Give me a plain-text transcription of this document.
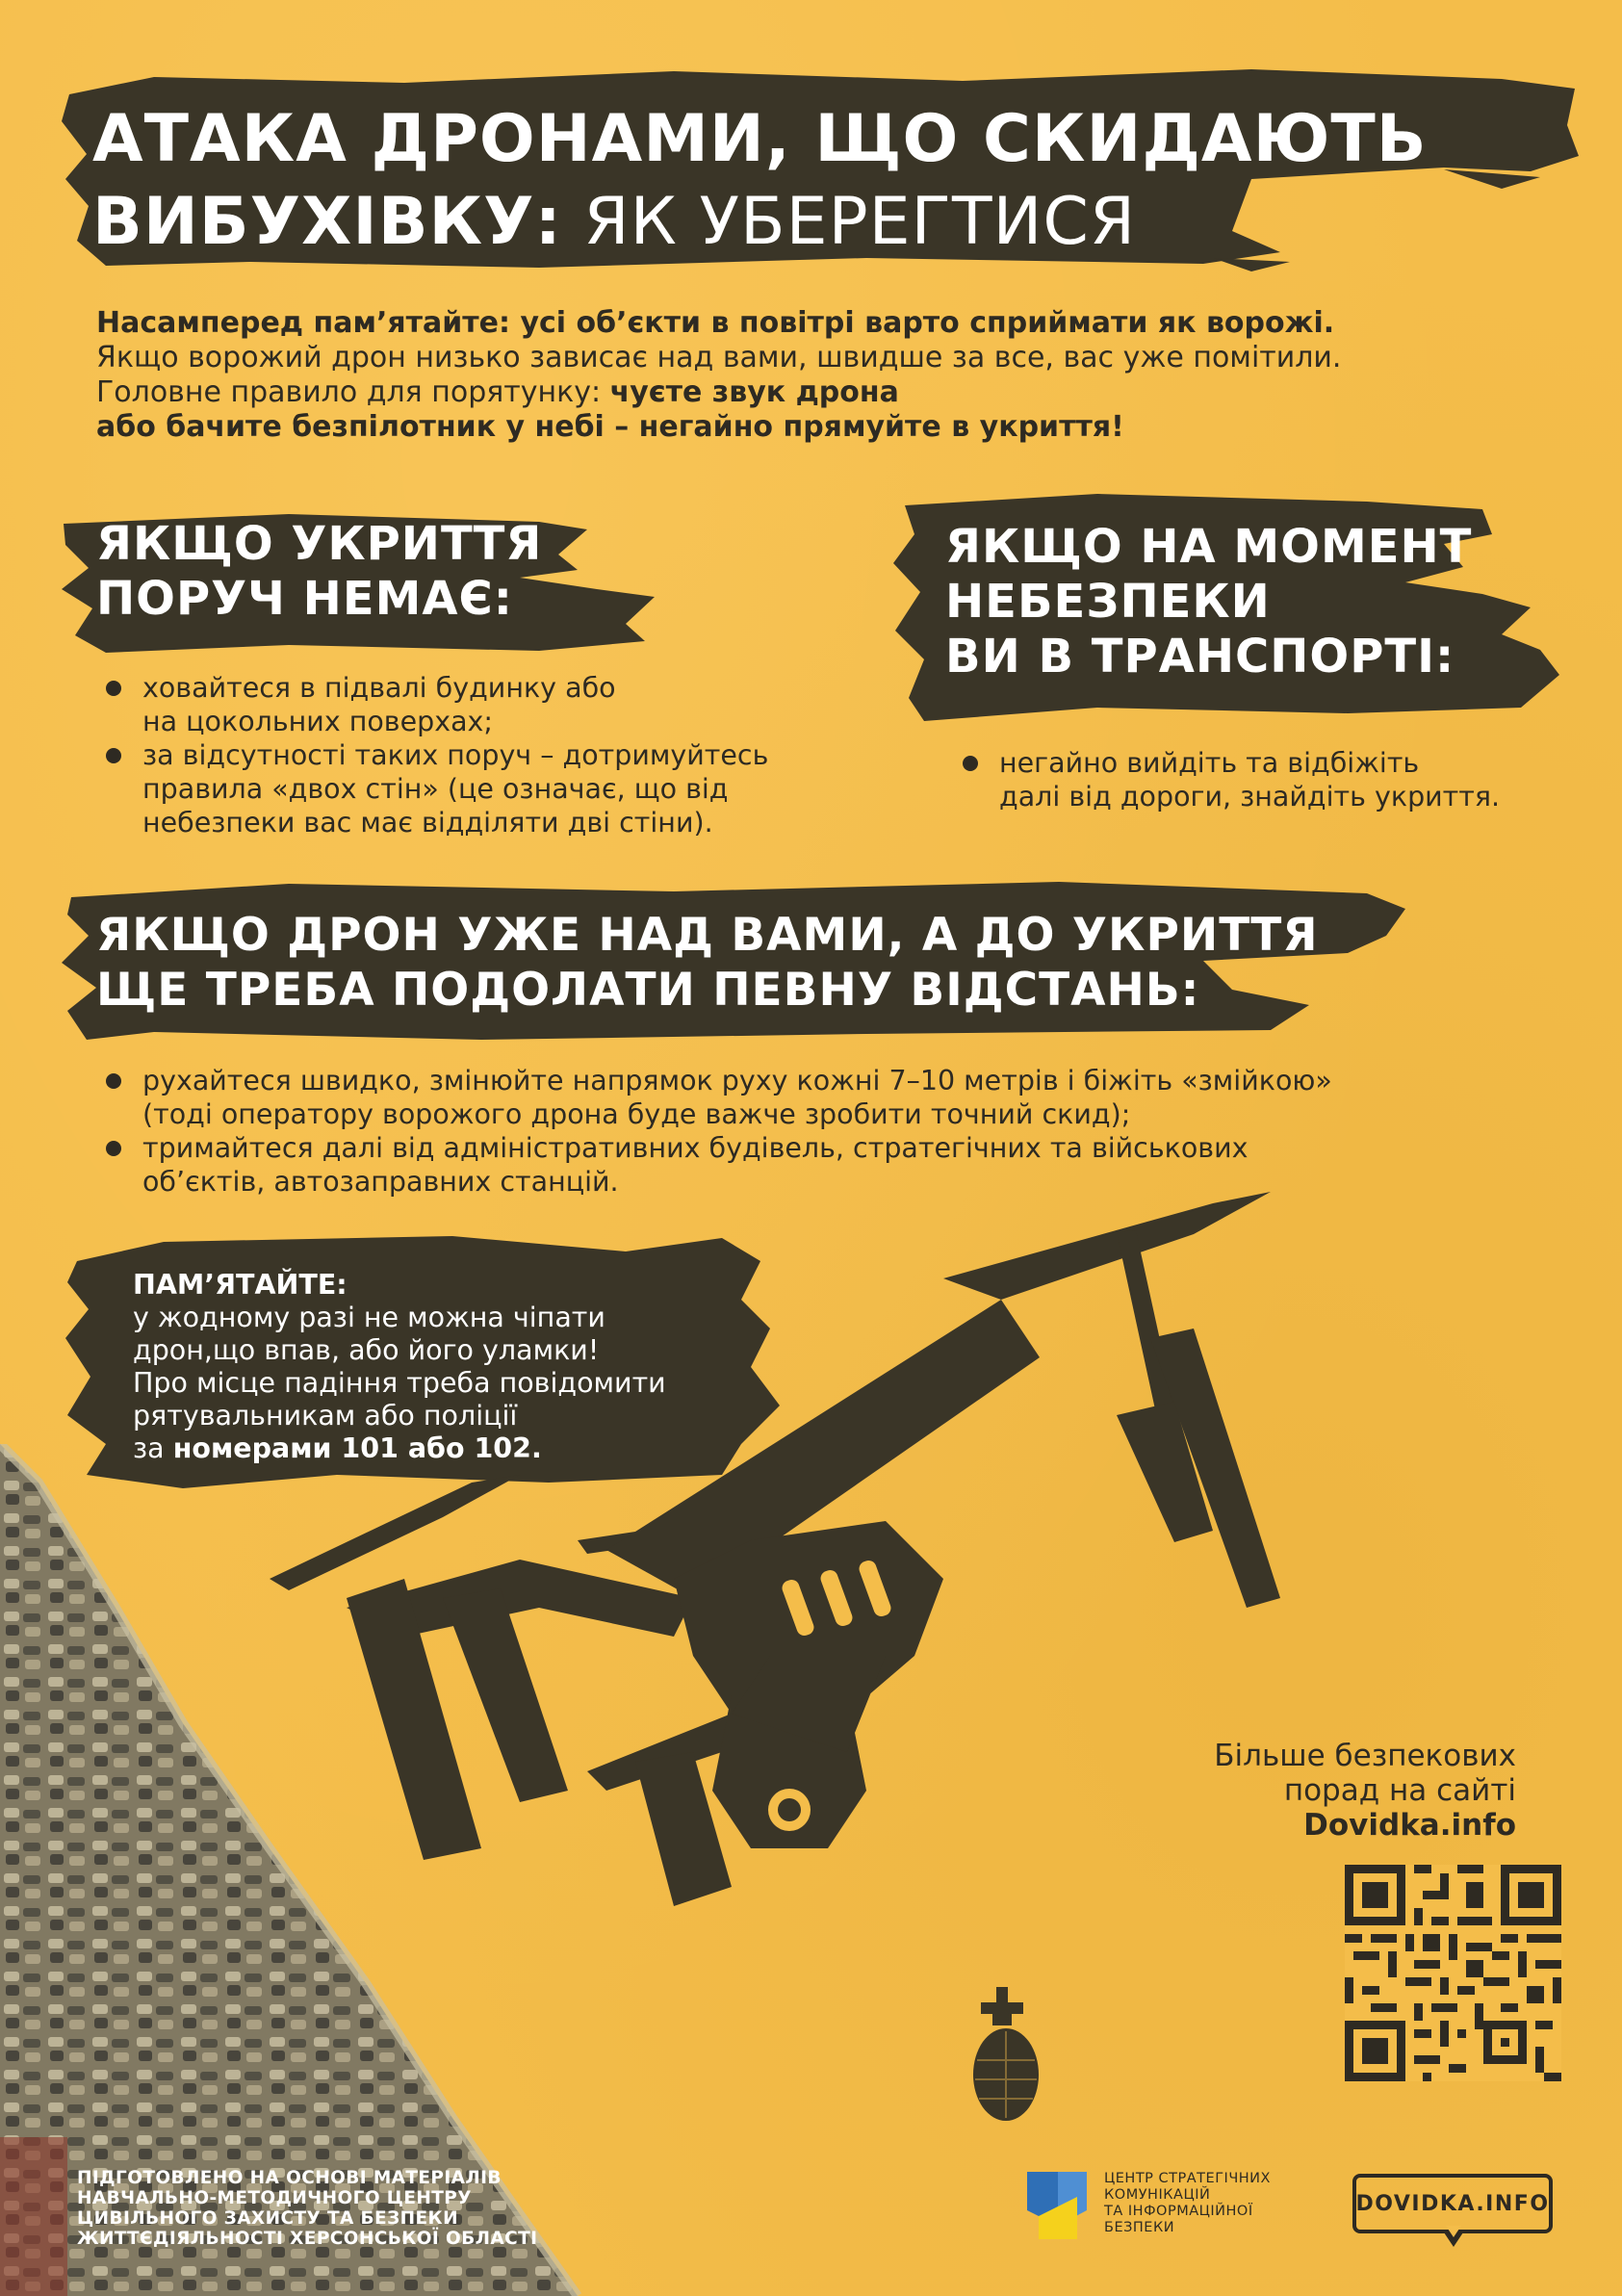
АТАКА ДРОНАМИ, ЩО СКИДАЮТЬ
ВИБУХІВКУ: ЯК УБЕРЕГТИСЯ
Насамперед пам’ятайте: усі об’єкти в повітрі варто сприймати як ворожі.
Якщо ворожий дрон низько зависає над вами, швидше за все, вас уже помітили.
Головне правило для порятунку: чуєте звук дрона
або бачите безпілотник у небі – негайно прямуйте в укриття!
ЯКЩО УКРИТТЯ
ПОРУЧ НЕМАЄ:
ховайтеся в підвалі будинку або
на цокольних поверхах;
за відсутності таких поруч – дотримуйтесь
правила «двох стін» (це означає, що від
небезпеки вас має відділяти дві стіни).
ЯКЩО НА МОМЕНТ
НЕБЕЗПЕКИ
ВИ В ТРАНСПОРТІ:
негайно вийдіть та відбіжіть
далі від дороги, знайдіть укриття.
ЯКЩО ДРОН УЖЕ НАД ВАМИ, А ДО УКРИТТЯ
ЩЕ ТРЕБА ПОДОЛАТИ ПЕВНУ ВІДСТАНЬ:
рухайтеся швидко, змінюйте напрямок руху кожні 7–10 метрів і біжіть «змійкою»
(тоді оператору ворожого дрона буде важче зробити точний скид);
тримайтеся далі від адміністративних будівель, стратегічних та військових
об’єктів, автозаправних станцій.
ПАМ’ЯТАЙТЕ:
у жодному разі не можна чіпати
дрон,що впав, або його уламки!
Про місце падіння треба повідомити
рятувальникам або поліції
за номерами 101 або 102.
Більше безпекових
порад на сайті
Dovidka.info
ПІДГОТОВЛЕНО НА ОСНОВІ МАТЕРІАЛІВ
НАВЧАЛЬНО-МЕТОДИЧНОГО ЦЕНТРУ
ЦИВІЛЬНОГО ЗАХИСТУ ТА БЕЗПЕКИ
ЖИТТЄДІЯЛЬНОСТІ ХЕРСОНСЬКОЇ ОБЛАСТІ
ЦЕНТР СТРАТЕГІЧНИХ
КОМУНІКАЦІЙ
ТА ІНФОРМАЦІЙНОЇ
БЕЗПЕКИ
DOVIDKA.INFO
